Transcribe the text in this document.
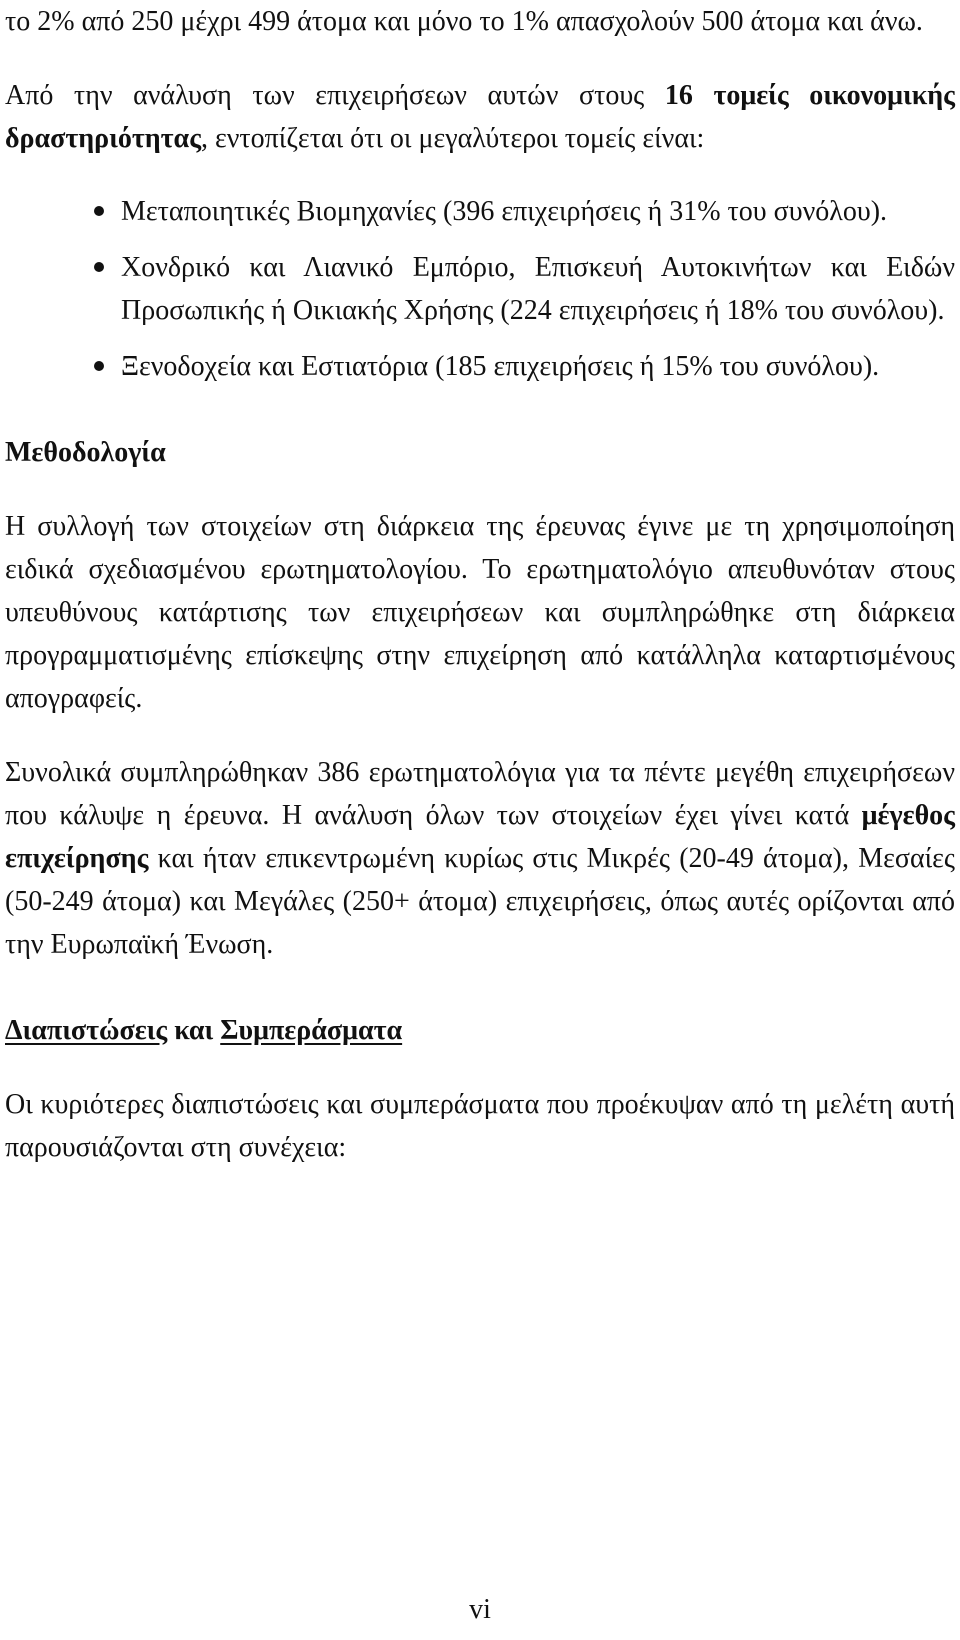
το 2% από 250 μέχρι 499 άτομα και μόνο το 1% απασχολούν 500 άτομα και άνω.

Από την ανάλυση των επιχειρήσεων αυτών στους 16 τομείς οικονομικής δραστηριότητας, εντοπίζεται ότι οι μεγαλύτεροι τομείς είναι:

Μεταποιητικές Βιομηχανίες (396 επιχειρήσεις ή 31% του συνόλου).
Χονδρικό και Λιανικό Εμπόριο, Επισκευή Αυτοκινήτων και Ειδών Προσωπικής ή Οικιακής Χρήσης (224 επιχειρήσεις ή 18% του συνόλου).
Ξενοδοχεία και Εστιατόρια (185 επιχειρήσεις ή 15% του συνόλου).
Μεθοδολογία

Η συλλογή των στοιχείων στη διάρκεια της έρευνας έγινε με τη χρησιμοποίηση ειδικά σχεδιασμένου ερωτηματολογίου. Το ερωτηματολόγιο απευθυνόταν στους υπευθύνους κατάρτισης των επιχειρήσεων και συμπληρώθηκε στη διάρκεια προγραμματισμένης επίσκεψης στην επιχείρηση από κατάλληλα καταρτισμένους απογραφείς.

Συνολικά συμπληρώθηκαν 386 ερωτηματολόγια για τα πέντε μεγέθη επιχειρήσεων που κάλυψε η έρευνα. Η ανάλυση όλων των στοιχείων έχει γίνει κατά μέγεθος επιχείρησης και ήταν επικεντρωμένη κυρίως στις Μικρές (20-49 άτομα), Μεσαίες (50-249 άτομα) και Μεγάλες (250+ άτομα) επιχειρήσεις, όπως αυτές ορίζονται από την Ευρωπαϊκή Ένωση.

Διαπιστώσεις και Συμπεράσματα

Οι κυριότερες διαπιστώσεις και συμπεράσματα που προέκυψαν από τη μελέτη αυτή παρουσιάζονται στη συνέχεια:

vi
